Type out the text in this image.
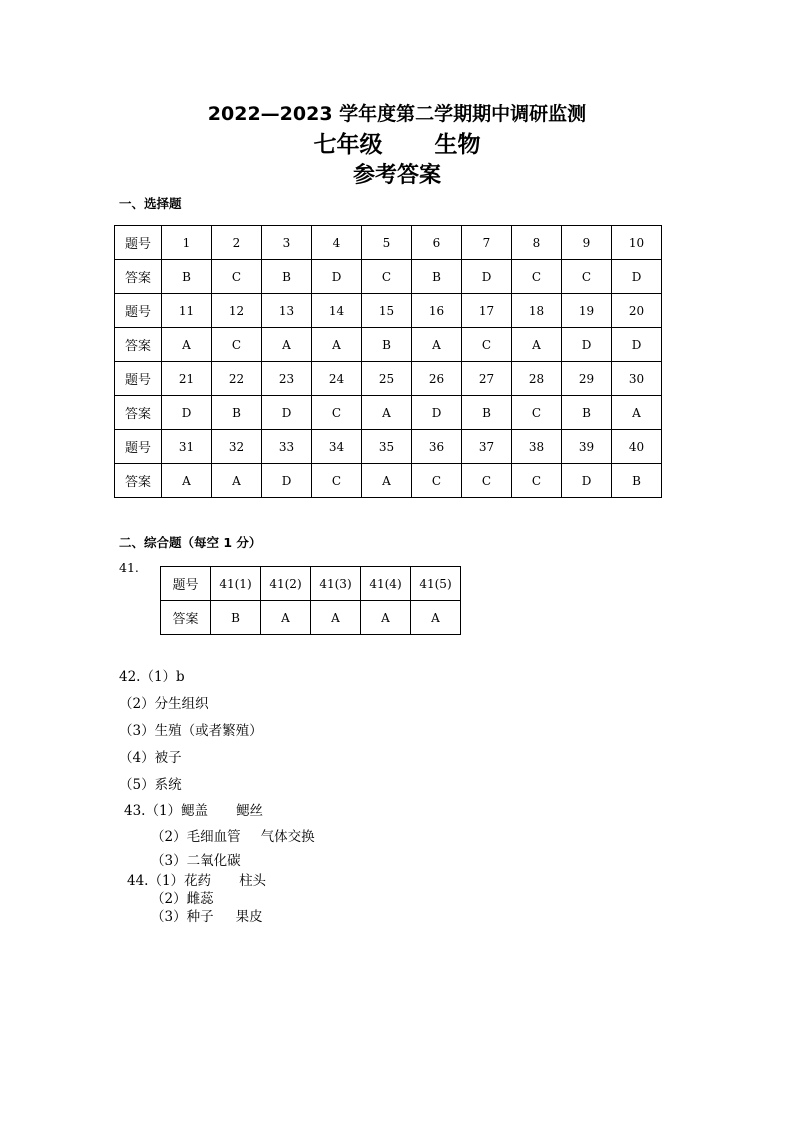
2022—2023 学年度第二学期期中调研监测
七年级 生物
参考答案
一、选择题
题号	1	2	3	4	5	6	7	8	9	10
答案	B	C	B	D	C	B	D	C	C	D
题号	11	12	13	14	15	16	17	18	19	20
答案	A	C	A	A	B	A	C	A	D	D
题号	21	22	23	24	25	26	27	28	29	30
答案	D	B	D	C	A	D	B	C	B	A
题号	31	32	33	34	35	36	37	38	39	40
答案	A	A	D	C	A	C	C	C	D	B
二、综合题（每空 1 分）
41.
题号	41(1)	41(2)	41(3)	41(4)	41(5)
答案	B	A	A	A	A
42.（1）b
（2）分生组织
（3）生殖（或者繁殖）
（4）被子
（5）系统
43.（1）鳃盖 鳃丝
（2）毛细血管 气体交换
（3）二氧化碳
44.（1）花药 柱头
（2）雌蕊
（3）种子 果皮
